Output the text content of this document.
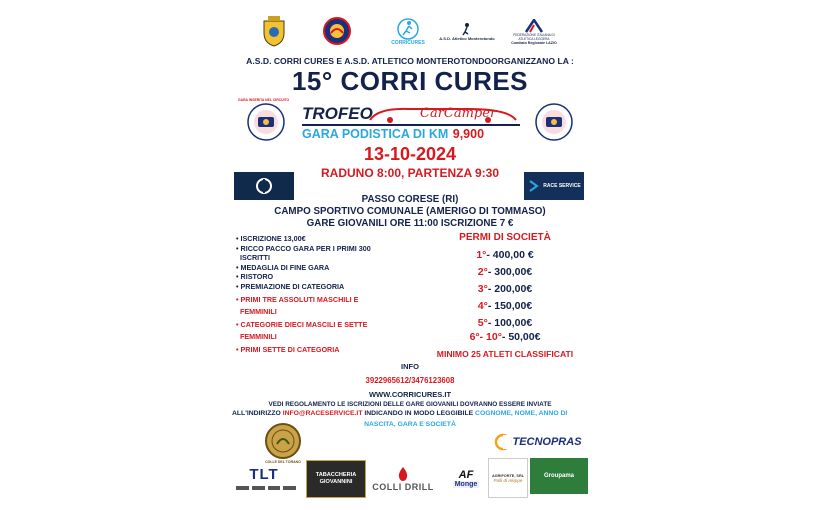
CORRICURES
A.S.D. Atletico Monterotondo
FEDERAZIONE ITALIANA DI ATLETICA LEGGERA
Comitato Regionale LAZIO
A.S.D. CORRI CURES E A.S.D. ATLETICO MONTEROTONDOORGANIZZANO LA :
15° CORRI CURES
GARA INSERITA NEL CIRCUITO
TROFEO	CarCamper
GARA PODISTICA DI KM 9,900
13-10-2024
RADUNO 8:00, PARTENZA 9:30
RACE SERVICE
PASSO CORESE (RI)
CAMPO SPORTIVO COMUNALE (AMERIGO DI TOMMASO)
GARE GIOVANILI ORE 11:00 ISCRIZIONE 7 €
• ISCRIZIONE 13,00€
• RICCO PACCO GARA PER I PRIMI 300
ISCRITTI
• MEDAGLIA DI FINE GARA
• RISTORO
• PREMIAZIONE DI CATEGORIA
• PRIMI TRE ASSOLUTI MASCHILI E
FEMMINILI
• CATEGORIE DIECI MASCILI E SETTE
FEMMINILI
• PRIMI SETTE DI CATEGORIA
PERMI DI SOCIETÀ
1°- 400,00 €
2°- 300,00€
3°- 200,00€
4°- 150,00€
5°- 100,00€
6°- 10°- 50,00€
MINIMO 25 ATLETI CLASSIFICATI
INFO
3922965612/3476123608
WWW.CORRICURES.IT
VEDI REGOLAMENTO LE ISCRIZIONI DELLE GARE GIOVANILI DOVRANNO ESSERE INVIATE
ALL'INDIRIZZO INFO@RACESERVICE.IT INDICANDO IN MODO LEGGIBILE COGNOME, NOME, ANNO DI
NASCITA, GARA E SOCIETÀ
COLLE DEL TORANO
TECNOPRAS
TLT	TABACCHERIA GIOVANNINI	COLLI DRILL
AF
Monge
AGRIFORTE, SRL
Polli di Aleppe
Groupama
